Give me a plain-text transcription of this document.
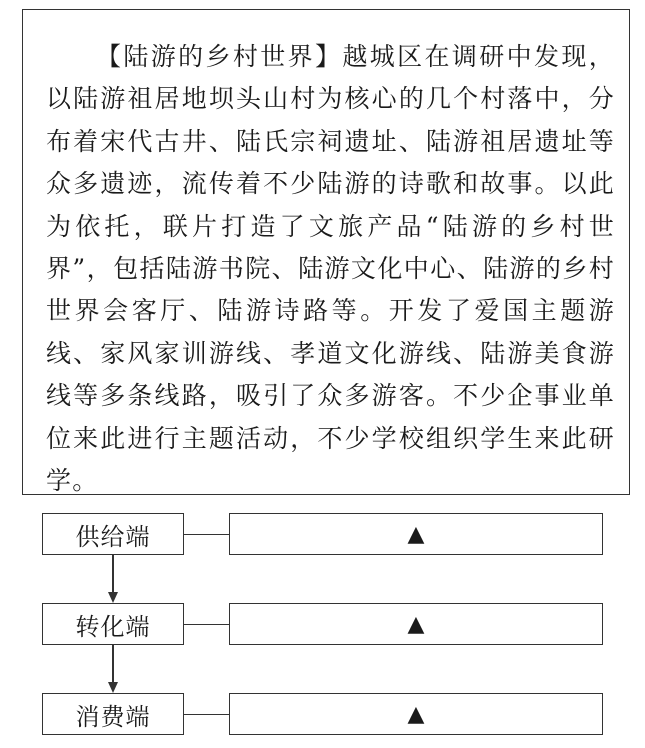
【陆游的乡村世界】越城区在调研中发现，以陆游祖居地坝头山村为核心的几个村落中，分布着宋代古井、陆氏宗祠遗址、陆游祖居遗址等众多遗迹，流传着不少陆游的诗歌和故事。以此为依托，联片打造了文旅产品“陆游的乡村世界”，包括陆游书院、陆游文化中心、陆游的乡村世界会客厅、陆游诗路等。开发了爱国主题游线、家风家训游线、孝道文化游线、陆游美食游线等多条线路，吸引了众多游客。不少企事业单位来此进行主题活动，不少学校组织学生来此研学。

供给端	▲
转化端	▲
消费端	▲
